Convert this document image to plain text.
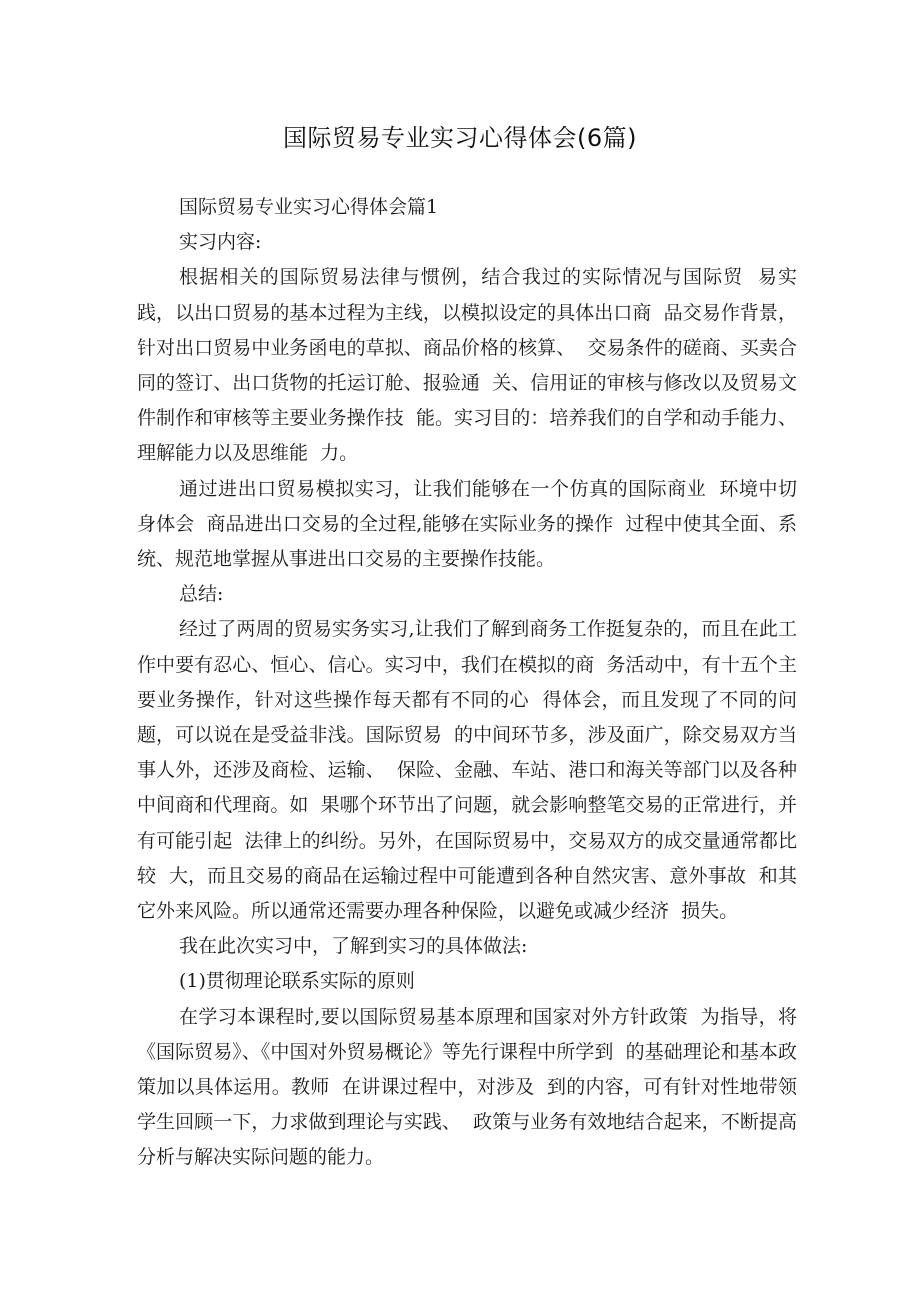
国际贸易专业实习心得体会(6篇)

国际贸易专业实习心得体会篇1

实习内容:

根据相关的国际贸易法律与惯例，结合我过的实际情况与国际贸  易实践，以出口贸易的基本过程为主线，以模拟设定的具体出口商  品交易作背景，针对出口贸易中业务函电的草拟、商品价格的核算、  交易条件的磋商、买卖合同的签订、出口货物的托运订舱、报验通  关、信用证的审核与修改以及贸易文件制作和审核等主要业务操作技  能。实习目的：培养我们的自学和动手能力、理解能力以及思维能  力。

通过进出口贸易模拟实习，让我们能够在一个仿真的国际商业  环境中切身体会  商品进出口交易的全过程,能够在实际业务的操作  过程中使其全面、系统、规范地掌握从事进出口交易的主要操作技能。

总结:

经过了两周的贸易实务实习,让我们了解到商务工作挺复杂的，而且在此工作中要有忍心、恒心、信心。实习中，我们在模拟的商  务活动中，有十五个主要业务操作，针对这些操作每天都有不同的心  得体会，而且发现了不同的问题，可以说在是受益非浅。国际贸易  的中间环节多，涉及面广，除交易双方当事人外，还涉及商检、运输、  保险、金融、车站、港口和海关等部门以及各种中间商和代理商。如  果哪个环节出了问题，就会影响整笔交易的正常进行，并有可能引起  法律上的纠纷。另外，在国际贸易中，交易双方的成交量通常都比较  大，而且交易的商品在运输过程中可能遭到各种自然灾害、意外事故  和其它外来风险。所以通常还需要办理各种保险，以避免或减少经济  损失。

我在此次实习中，了解到实习的具体做法:

(1)贯彻理论联系实际的原则

在学习本课程时,要以国际贸易基本原理和国家对外方针政策  为指导，将《国际贸易》、《中国对外贸易概论》等先行课程中所学到  的基础理论和基本政策加以具体运用。教师  在讲课过程中，对涉及  到的内容，可有针对性地带领学生回顾一下，力求做到理论与实践、  政策与业务有效地结合起来，不断提高分析与解决实际问题的能力。
